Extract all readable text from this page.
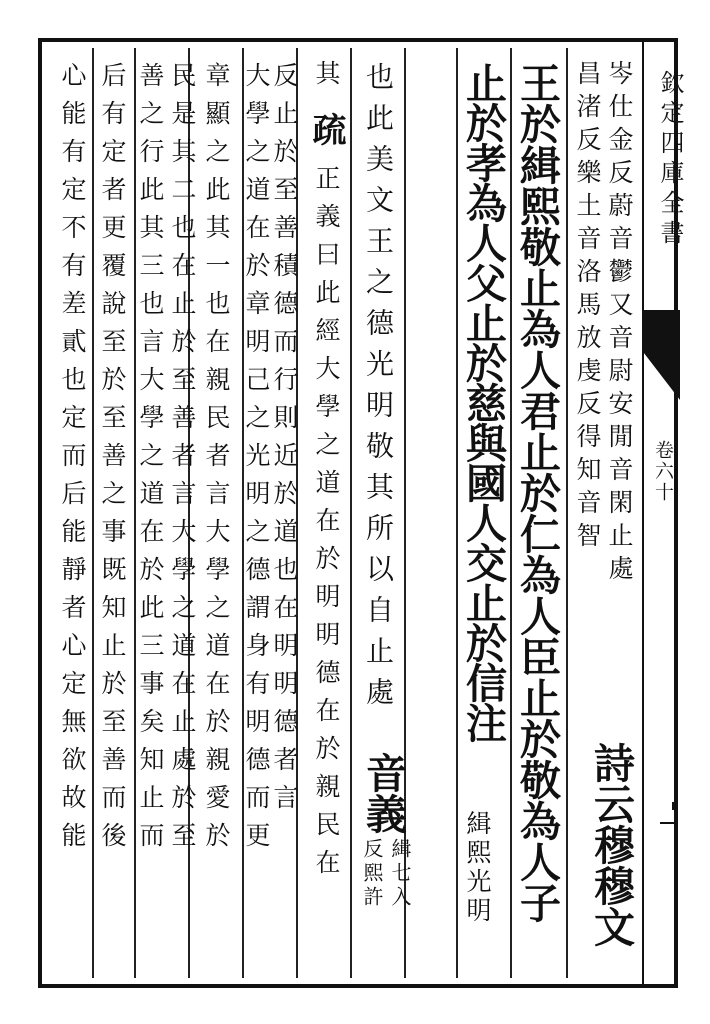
欽定四庫全書
卷六十
岑仕金反蔚音鬱又音尉安閒音閑止處
昌渚反樂土音洛馬放虔反得知音智
詩云穆穆文
王於緝熙敬止為人君止於仁為人臣止於敬為人子
止於孝為人父止於慈與國人交止於信注
緝熙光明
也此美文王之德光明敬其所以自止處
音義
緝七入
反熙許
其 疏 正義曰此經大學之道在於明明德在於親民在
反止於至善積德而行則近於道也在明明德者言
大學之道在於章明己之光明之德謂身有明德而更
章顯之此其一也在親民者言大學之道在於親愛於
民是其二也在止於至善者言大學之道在止處於至
善之行此其三也言大學之道在於此三事矣知止而
后有定者更覆說至於至善之事既知止於至善而後
心能有定不有差貳也定而后能靜者心定無欲故能
